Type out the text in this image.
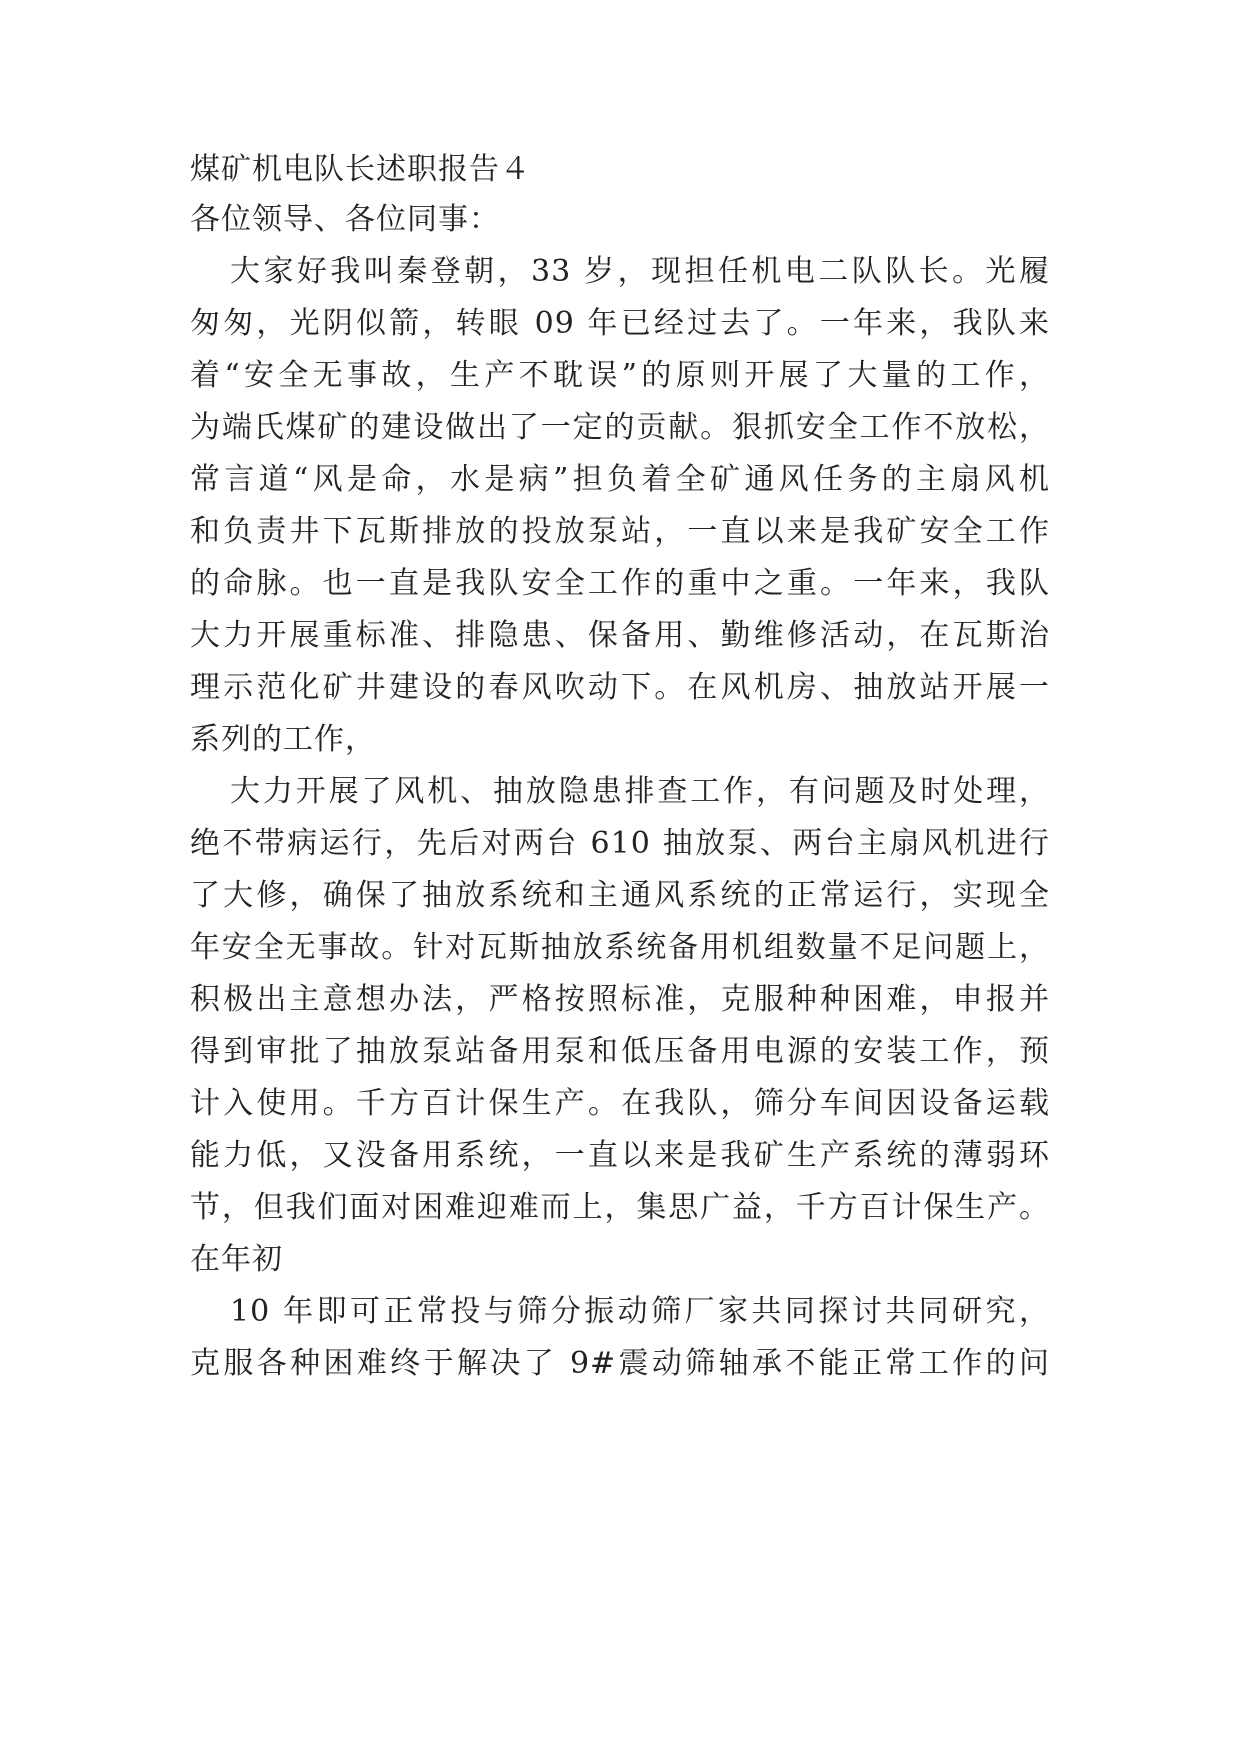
煤矿机电队长述职报告４
各位领导、各位同事：
大家好我叫秦登朝，33 岁，现担任机电二队队长。光履
匆匆，光阴似箭，转眼 09 年已经过去了。一年来，我队来
着“安全无事故，生产不耽误”的原则开展了大量的工作，
为端氏煤矿的建设做出了一定的贡献。狠抓安全工作不放松，
常言道“风是命，水是病”担负着全矿通风任务的主扇风机
和负责井下瓦斯排放的投放泵站，一直以来是我矿安全工作
的命脉。也一直是我队安全工作的重中之重。一年来，我队
大力开展重标准、排隐患、保备用、勤维修活动，在瓦斯治
理示范化矿井建设的春风吹动下。在风机房、抽放站开展一
系列的工作，
大力开展了风机、抽放隐患排查工作，有问题及时处理，
绝不带病运行，先后对两台 610 抽放泵、两台主扇风机进行
了大修，确保了抽放系统和主通风系统的正常运行，实现全
年安全无事故。针对瓦斯抽放系统备用机组数量不足问题上，
积极出主意想办法，严格按照标准，克服种种困难，申报并
得到审批了抽放泵站备用泵和低压备用电源的安装工作，预
计入使用。千方百计保生产。在我队，筛分车间因设备运载
能力低，又没备用系统，一直以来是我矿生产系统的薄弱环
节，但我们面对困难迎难而上，集思广益，千方百计保生产。
在年初
10 年即可正常投与筛分振动筛厂家共同探讨共同研究，
克服各种困难终于解决了 9#震动筛轴承不能正常工作的问
